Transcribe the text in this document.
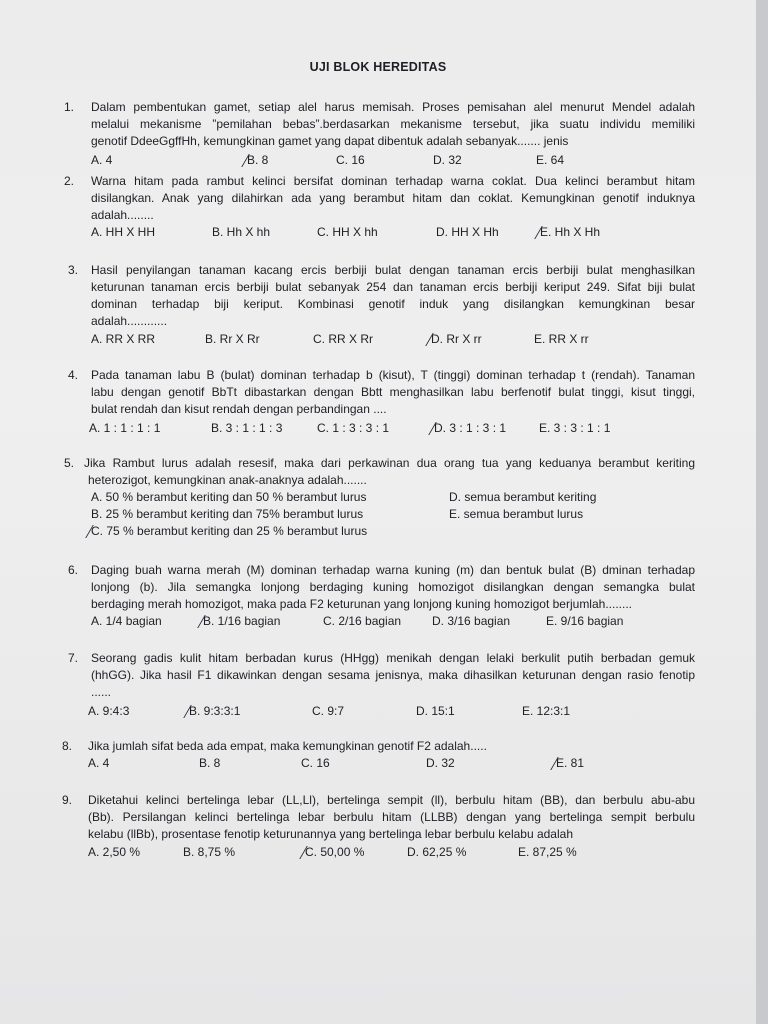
UJI BLOK HEREDITAS
1.	Dalam pembentukan gamet, setiap alel harus memisah. Proses pemisahan alel menurut Mendel adalah
melalui mekanisme ”pemilahan bebas”.berdasarkan mekanisme tersebut, jika suatu individu memiliki
genotif DdeeGgffHh, kemungkinan gamet yang dapat dibentuk adalah sebanyak....... jenis
A. 4	B. 8	C. 16	D. 32	E. 64
2.	Warna hitam pada rambut kelinci bersifat dominan terhadap warna coklat. Dua kelinci berambut hitam
disilangkan. Anak yang dilahirkan ada yang berambut hitam dan coklat. Kemungkinan genotif induknya
adalah........
A. HH X HH	B. Hh X hh	C. HH X hh	D. HH X Hh	E. Hh X Hh
3.	Hasil penyilangan tanaman kacang ercis berbiji bulat dengan tanaman ercis berbiji bulat menghasilkan
keturunan tanaman ercis berbiji bulat sebanyak 254 dan tanaman ercis berbiji keriput 249. Sifat biji bulat
dominan terhadap biji keriput. Kombinasi genotif induk yang disilangkan kemungkinan besar
adalah............
A. RR X RR	B. Rr X Rr	C. RR X Rr	D. Rr X rr	E. RR X rr
4.	Pada tanaman labu B (bulat) dominan terhadap b (kisut), T (tinggi) dominan terhadap t (rendah). Tanaman
labu dengan genotif BbTt dibastarkan dengan Bbtt menghasilkan labu berfenotif bulat tinggi, kisut tinggi,
bulat rendah dan kisut rendah dengan perbandingan ....
A. 1 : 1 : 1 : 1	B. 3 : 1 : 1 : 3	C. 1 : 3 : 3 : 1	D. 3 : 1 : 3 : 1	E. 3 : 3 : 1 : 1
5. Jika Rambut lurus adalah resesif, maka dari perkawinan dua orang tua yang keduanya berambut keriting
heterozigot, kemungkinan anak-anaknya adalah.......
A. 50 % berambut keriting dan 50 % berambut lurus
B. 25 % berambut keriting dan 75% berambut lurus
C. 75 % berambut keriting dan 25 % berambut lurus
D. semua berambut keriting
E. semua berambut lurus
6.	Daging buah warna merah (M) dominan terhadap warna kuning (m) dan bentuk bulat (B) dminan terhadap
lonjong (b). Jila semangka lonjong berdaging kuning homozigot disilangkan dengan semangka bulat
berdaging merah homozigot, maka pada F2 keturunan yang lonjong kuning homozigot berjumlah........
A. 1/4 bagian	B. 1/16 bagian	C. 2/16 bagian	D. 3/16 bagian	E. 9/16 bagian
7.	Seorang gadis kulit hitam berbadan kurus (HHgg) menikah dengan lelaki berkulit putih berbadan gemuk
(hhGG). Jika hasil F1 dikawinkan dengan sesama jenisnya, maka dihasilkan keturunan dengan rasio fenotip
......
A. 9:4:3	B. 9:3:3:1	C. 9:7	D. 15:1	E. 12:3:1
8.	Jika jumlah sifat beda ada empat, maka kemungkinan genotif F2 adalah.....
A. 4	B. 8	C. 16	D. 32	E. 81
9.	Diketahui kelinci bertelinga lebar (LL,Ll), bertelinga sempit (ll), berbulu hitam (BB), dan berbulu abu-abu
(Bb). Persilangan kelinci bertelinga lebar berbulu hitam (LLBB) dengan yang bertelinga sempit berbulu
kelabu (llBb), prosentase fenotip keturunannya yang bertelinga lebar berbulu kelabu adalah
A. 2,50 %	B. 8,75 %	C. 50,00 %	D. 62,25 %	E. 87,25 %
